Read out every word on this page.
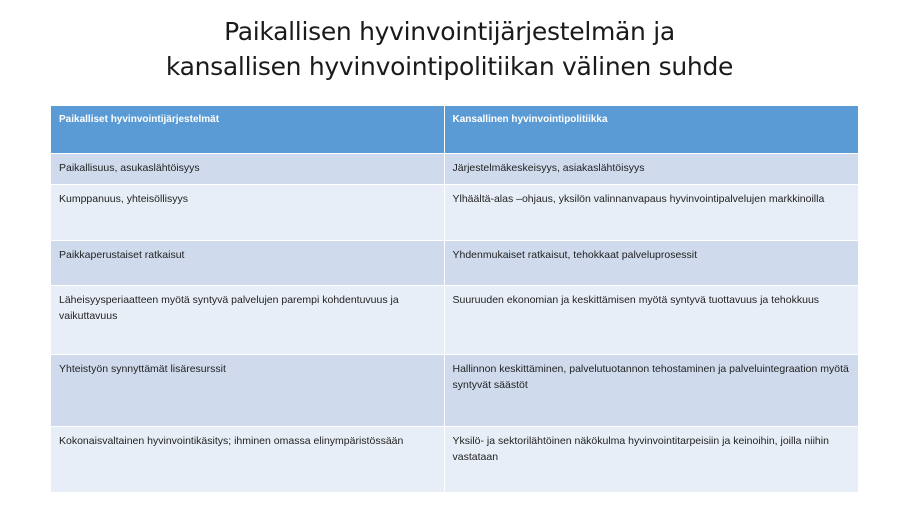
Paikallisen hyvinvointijärjestelmän ja
kansallisen hyvinvointipolitiikan välinen suhde
Paikalliset hyvinvointijärjestelmät	Kansallinen hyvinvointipolitiikka
Paikallisuus, asukaslähtöisyys	Järjestelmäkeskeisyys, asiakaslähtöisyys
Kumppanuus, yhteisöllisyys	Ylhäältä-alas –ohjaus, yksilön valinnanvapaus hyvinvointipalvelujen markkinoilla
Paikkaperustaiset ratkaisut	Yhdenmukaiset ratkaisut, tehokkaat palveluprosessit
Läheisyysperiaatteen myötä syntyvä palvelujen parempi kohdentuvuus ja vaikuttavuus	Suuruuden ekonomian ja keskittämisen myötä syntyvä tuottavuus ja tehokkuus
Yhteistyön synnyttämät lisäresurssit	Hallinnon keskittäminen, palvelutuotannon tehostaminen ja palveluintegraation myötä syntyvät säästöt
Kokonaisvaltainen hyvinvointikäsitys; ihminen omassa elinympäristössään	Yksilö- ja sektorilähtöinen näkökulma hyvinvointitarpeisiin ja keinoihin, joilla niihin vastataan
